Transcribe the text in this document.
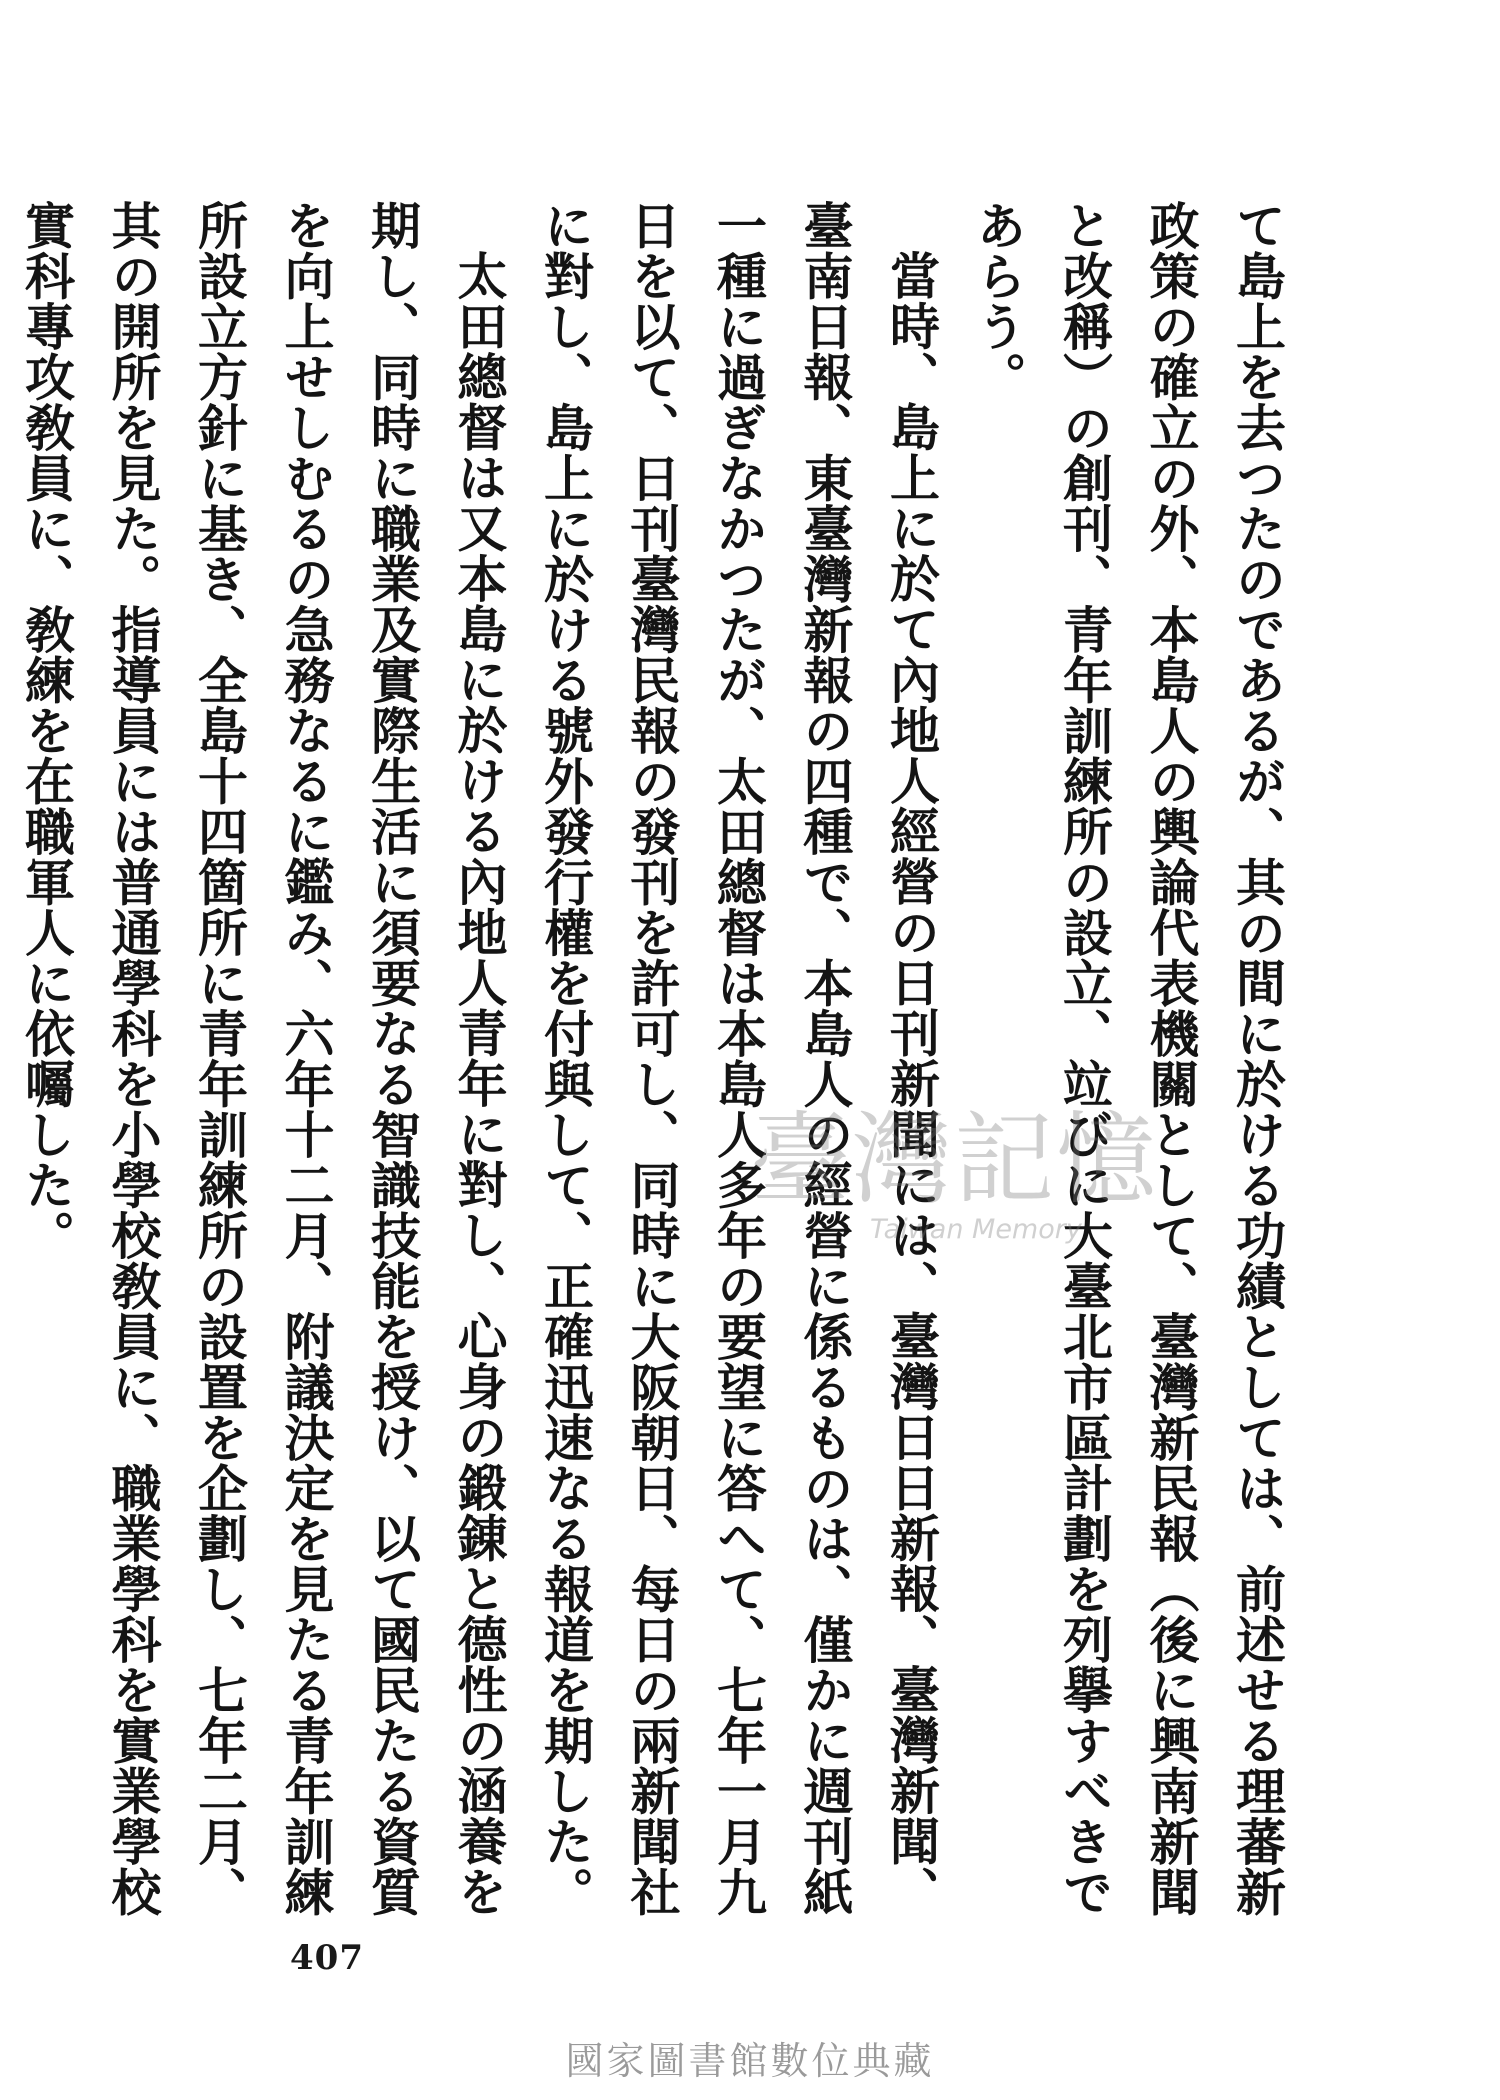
て島上を去つたのであるが、其の間に於ける功績としては、前述せる理蕃新政策の確立の外、本島人の輿論代表機關として、臺灣新民報（後に興南新聞と改稱）の創刊、青年訓練所の設立、竝びに大臺北市區計劃を列擧すべきであらう。

當時、島上に於て內地人經營の日刊新聞には、臺灣日日新報、臺灣新聞、臺南日報、東臺灣新報の四種で、本島人の經營に係るものは、僅かに週刊紙一種に過ぎなかつたが、太田總督は本島人多年の要望に答へて、七年一月九日を以て、日刊臺灣民報の發刊を許可し、同時に大阪朝日、每日の兩新聞社に對し、島上に於ける號外發行權を付與して、正確迅速なる報道を期した。

太田總督は又本島に於ける內地人青年に對し、心身の鍛錬と德性の涵養を期し、同時に職業及實際生活に須要なる智識技能を授け、以て國民たる資質を向上せしむるの急務なるに鑑み、六年十二月、附議決定を見たる青年訓練所設立方針に基き、全島十四箇所に青年訓練所の設置を企劃し、七年二月、其の開所を見た。指導員には普通學科を小學校敎員に、職業學科を實業學校實科專攻敎員に、敎練を在職軍人に依囑した。	臺灣記憶
Taiwan Memory
407
國家圖書館數位典藏
